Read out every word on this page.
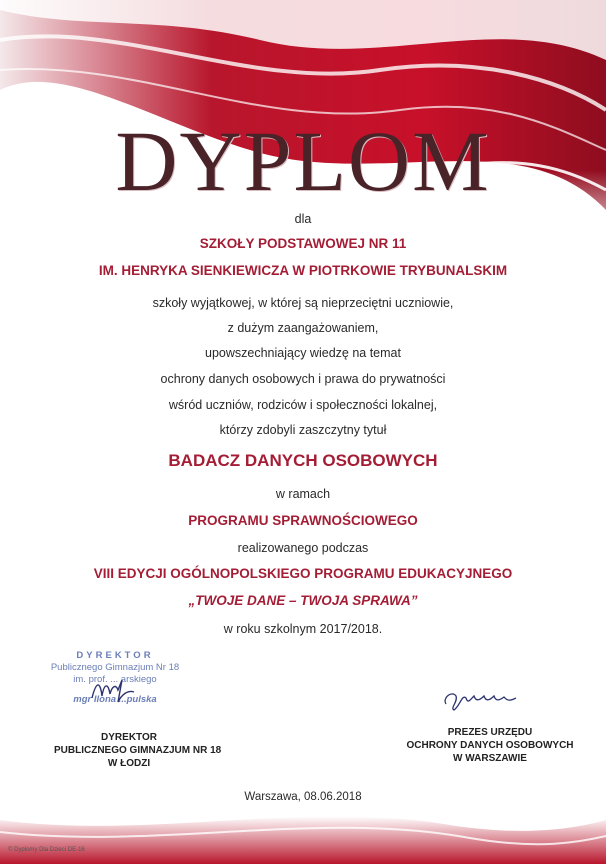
DYPLOM
dla
SZKOŁY PODSTAWOWEJ NR 11
IM. HENRYKA SIENKIEWICZA W PIOTRKOWIE TRYBUNALSKIM
szkoły wyjątkowej, w której są nieprzeciętni uczniowie,
z dużym zaangażowaniem,
upowszechniający wiedzę na temat
ochrony danych osobowych i prawa do prywatności
wśród uczniów, rodziców i społeczności lokalnej,
którzy zdobyli zaszczytny tytuł
BADACZ DANYCH OSOBOWYCH
w ramach
PROGRAMU SPRAWNOŚCIOWEGO
realizowanego podczas
VIII EDYCJI OGÓLNOPOLSKIEGO PROGRAMU EDUKACYJNEGO
„TWOJE DANE – TWOJA SPRAWA”
w roku szkolnym 2017/2018.
DYREKTOR
Publicznego Gimnazjum Nr 18
im. prof. ... arskiego
mgr Ilona ...pulska
DYREKTOR
PUBLICZNEGO GIMNAZJUM NR 18
W ŁODZI
PREZES URZĘDU
OCHRONY DANYCH OSOBOWYCH
W WARSZAWIE
Warszawa, 08.06.2018
© Dyplomy Dla Dzieci DE-16
